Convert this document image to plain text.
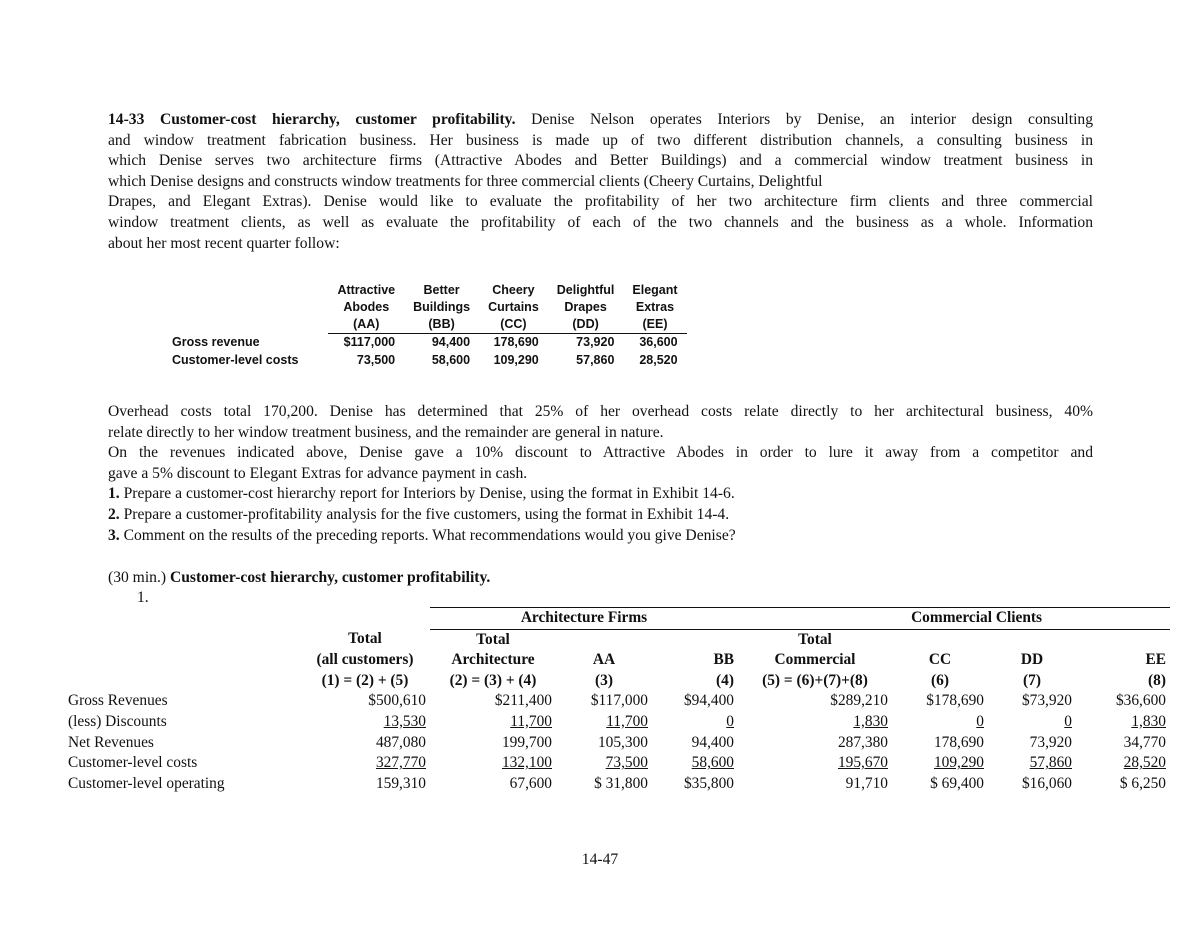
14-33 Customer-cost hierarchy, customer profitability. Denise Nelson operates Interiors by Denise, an interior design consulting
and window treatment fabrication business. Her business is made up of two different distribution channels, a consulting business in
which Denise serves two architecture firms (Attractive Abodes and Better Buildings) and a commercial window treatment business in
which Denise designs and constructs window treatments for three commercial clients (Cheery Curtains, Delightful
Drapes, and Elegant Extras). Denise would like to evaluate the profitability of her two architecture firm clients and three commercial
window treatment clients, as well as evaluate the profitability of each of the two channels and the business as a whole. Information
about her most recent quarter follow:
	Attractive	Better	Cheery	Delightful	Elegant
	Abodes	Buildings	Curtains	Drapes	Extras
	(AA)	(BB)	(CC)	(DD)	(EE)
Gross revenue	$117,000	94,400	178,690	73,920	36,600
Customer-level costs	73,500	58,600	109,290	57,860	28,520
Overhead costs total 170,200. Denise has determined that 25% of her overhead costs relate directly to her architectural business, 40%
relate directly to her window treatment business, and the remainder are general in nature.
On the revenues indicated above, Denise gave a 10% discount to Attractive Abodes in order to lure it away from a competitor and
gave a 5% discount to Elegant Extras for advance payment in cash.
1. Prepare a customer-cost hierarchy report for Interiors by Denise, using the format in Exhibit 14-6.
2. Prepare a customer-profitability analysis for the five customers, using the format in Exhibit 14-4.
3. Comment on the results of the preceding reports. What recommendations would you give Denise?
(30 min.) Customer-cost hierarchy, customer profitability.
1.
		Architecture Firms			Commercial Clients			
	Total	Total			Total			
	(all customers)	Architecture	AA	BB	Commercial	CC	DD	EE
	(1) = (2) + (5)	(2) = (3) + (4)	(3)	(4)	(5) = (6)+(7)+(8)	(6)	(7)	(8)
Gross Revenues	$500,610	$211,400	$117,000	$94,400	$289,210	$178,690	$73,920	$36,600
(less) Discounts	13,530	11,700	11,700	0	1,830	0	0	1,830
Net Revenues	487,080	199,700	105,300	94,400	287,380	178,690	73,920	34,770
Customer-level costs	327,770	132,100	73,500	58,600	195,670	109,290	57,860	28,520
Customer-level operating	159,310	67,600	$ 31,800	$35,800	91,710	$ 69,400	$16,060	$ 6,250
14-47
